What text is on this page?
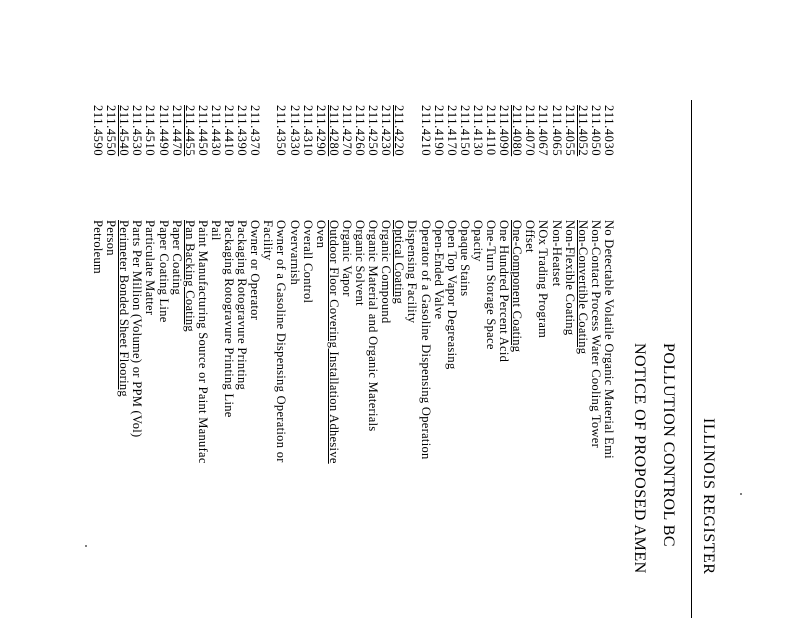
ILLINOIS REGISTER
POLLUTION CONTROL BC
NOTICE OF PROPOSED AMEN
211.4030
No Detectable Volatile Organic Material Emi
211.4050
Non-Contact Process Water Cooling Tower
211.4052
Non-Convertible Coating
211.4055
Non-Flexible Coating
211.4065
Non-Heatset
211.4067
NOx Trading Program
211.4070
Offset
211.4080
One-Component Coating
211.4090
One Hundred Percent Acid
211.4110
One-Turn Storage Space
211.4130
Opacity
211.4150
Opaque Stains
211.4170
Open Top Vapor Degreasing
211.4190
Open-Ended Valve
211.4210
Operator of a Gasoline Dispensing Operation
Dispensing Facility
211.4220
Optical Coating
211.4230
Organic Compound
211.4250
Organic Material and Organic Materials
211.4260
Organic Solvent
211.4270
Organic Vapor
211.4280
Outdoor Floor Covering Installation Adhesive
211.4290
Oven
211.4310
Overall Control
211.4330
Overvarnish
211.4350
Owner of a Gasoline Dispensing Operation or
Facility
211.4370
Owner or Operator
211.4390
Packaging Rotogravure Printing
211.4410
Packaging Rotogravure Printing Line
211.4430
Pail
211.4450
Paint Manufacturing Source or Paint Manufac
211.4455
Pan Backing Coating
211.4470
Paper Coating
211.4490
Paper Coating Line
211.4510
Particulate Matter
211.4530
Parts Per Million (Volume) or PPM (Vol)
211.4540
Perimeter Bonded Sheet Flooring
211.4550
Person
211.4590
Petroleum
